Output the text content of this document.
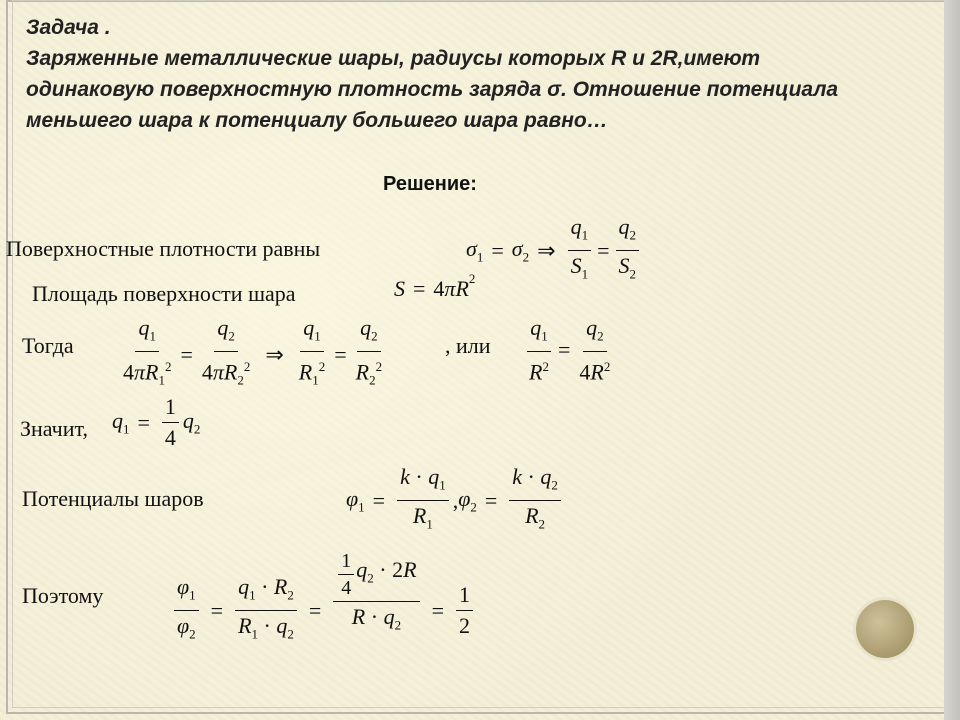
Задача .

Заряженные металлические шары, радиусы которых R и 2R,имеют

одинаковую поверхностную плотность заряда σ. Отношение потенциала

меньшего шара к потенциалу большего шара равно…

Решение:
Поверхностные плотности равны	$\sigma_1 = \sigma_2$ ⇒ $\frac{q_1}{S_1} = \frac{q_2}{S_2}$
Площадь поверхности шара	S = 4 $\pi R^2$
Тогда $\frac{q_1}{4\pi R_1^2} = \frac{q_2}{4\pi R_2^2}$ ⇒ $\frac{q_1}{R_1^2} = \frac{q_2}{R_2^2}$	, или $\frac{q_1}{R^2} = \frac{q_2}{4R^2}$
Значит, $q_1 = \frac{1}{4} q_2$
Потенциалы шаров	$\varphi_1 = \frac{k \cdot q_1}{R_1}$ , $\varphi_2 = \frac{k \cdot q_2}{R_2}$
Поэтому	$\frac{\varphi_1}{\varphi_2} = \frac{q_1 \cdot R_2}{R_1 \cdot q_2} = \frac{\frac{1}{4} q_2 \cdot 2R}{R \cdot q_2} = \frac{1}{2}$
